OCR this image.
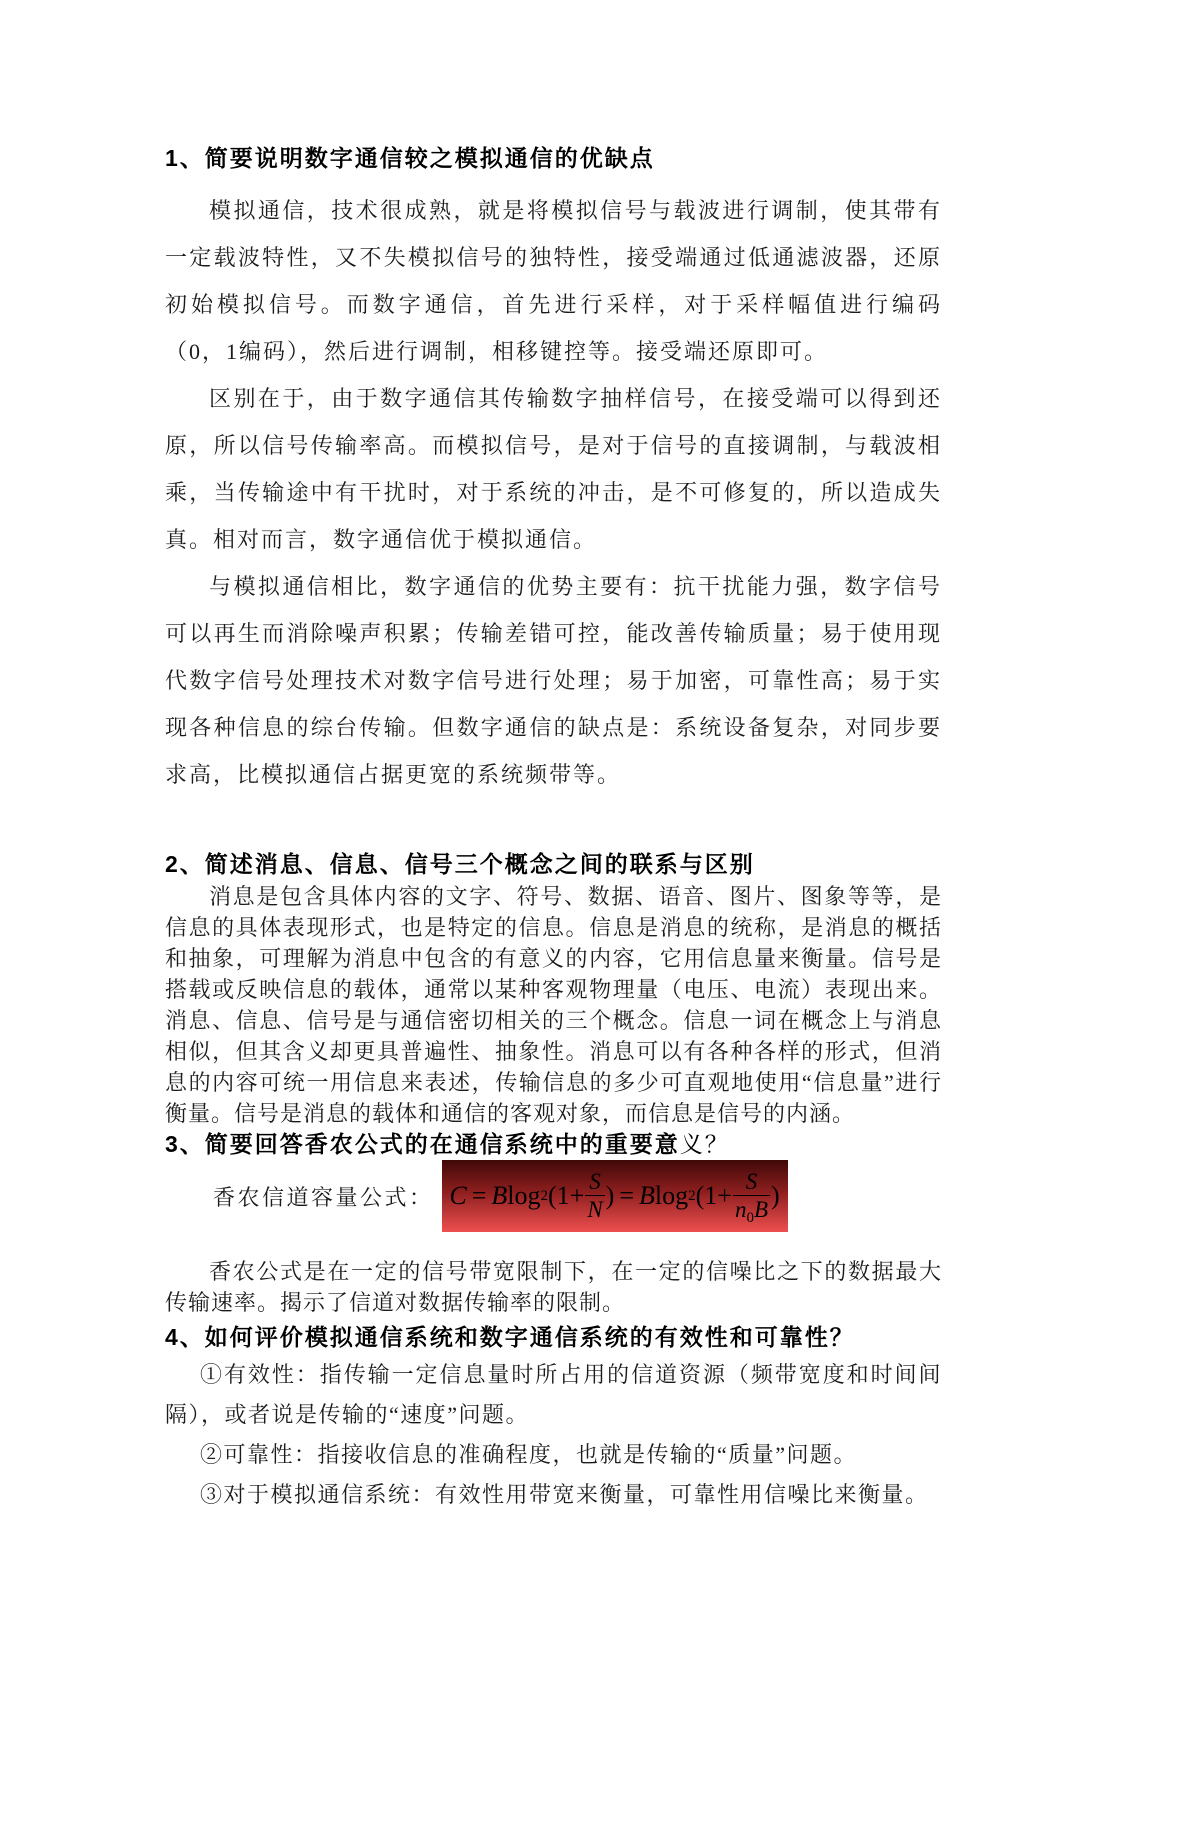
1、简要说明数字通信较之模拟通信的优缺点

模拟通信，技术很成熟，就是将模拟信号与载波进行调制，使其带有一定载波特性，又不失模拟信号的独特性，接受端通过低通滤波器，还原初始模拟信号。而数字通信，首先进行采样，对于采样幅值进行编码（0，1编码），然后进行调制，相移键控等。接受端还原即可。

区别在于，由于数字通信其传输数字抽样信号，在接受端可以得到还原，所以信号传输率高。而模拟信号，是对于信号的直接调制，与载波相乘，当传输途中有干扰时，对于系统的冲击，是不可修复的，所以造成失真。相对而言，数字通信优于模拟通信。

与模拟通信相比，数字通信的优势主要有：抗干扰能力强，数字信号可以再生而消除噪声积累；传输差错可控，能改善传输质量；易于使用现代数字信号处理技术对数字信号进行处理；易于加密，可靠性高；易于实现各种信息的综台传输。但数字通信的缺点是：系统设备复杂，对同步要求高，比模拟通信占据更宽的系统频带等。

2、简述消息、信息、信号三个概念之间的联系与区别

消息是包含具体内容的文字、符号、数据、语音、图片、图象等等，是信息的具体表现形式，也是特定的信息。信息是消息的统称，是消息的概括和抽象，可理解为消息中包含的有意义的内容，它用信息量来衡量。信号是搭载或反映信息的载体，通常以某种客观物理量（电压、电流）表现出来。消息、信息、信号是与通信密切相关的三个概念。信息一词在概念上与消息相似，但其含义却更具普遍性、抽象性。消息可以有各种各样的形式，但消息的内容可统一用信息来表述，传输信息的多少可直观地使用“信息量”进行衡量。信号是消息的载体和通信的客观对象，而信息是信号的内涵。

3、简要回答香农公式的在通信系统中的重要意义？
香农信道容量公式： C = B log 2 ($1+ \frac{S}{N}$ ) = B log 2 ($1+ \frac{S}{n_0B}$ )

香农公式是在一定的信号带宽限制下，在一定的信噪比之下的数据最大传输速率。揭示了信道对数据传输率的限制。

4、如何评价模拟通信系统和数字通信系统的有效性和可靠性？

①有效性：指传输一定信息量时所占用的信道资源（频带宽度和时间间隔），或者说是传输的“速度”问题。

②可靠性：指接收信息的准确程度，也就是传输的“质量”问题。

③对于模拟通信系统：有效性用带宽来衡量，可靠性用信噪比来衡量。
